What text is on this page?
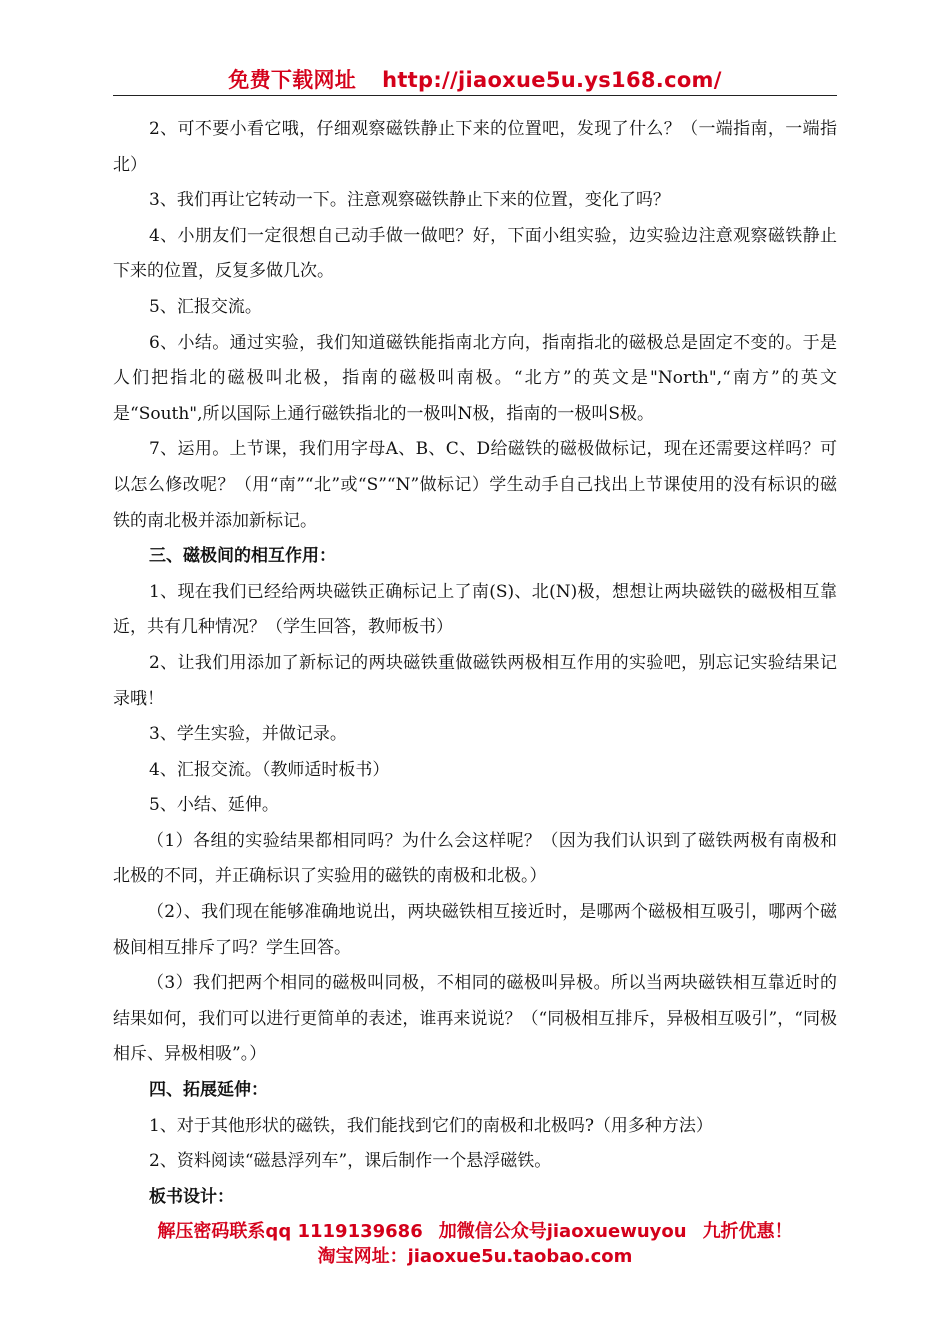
免费下载网址 http://jiaoxue5u.ys168.com/

2、可不要小看它哦，仔细观察磁铁静止下来的位置吧，发现了什么？（一端指南，一端指北）

3、我们再让它转动一下。注意观察磁铁静止下来的位置，变化了吗？

4、小朋友们一定很想自己动手做一做吧？好，下面小组实验，边实验边注意观察磁铁静止下来的位置，反复多做几次。

5、汇报交流。

6、小结。通过实验，我们知道磁铁能指南北方向，指南指北的磁极总是固定不变的。于是人们把指北的磁极叫北极，指南的磁极叫南极。“北方”的英文是"North",“南方”的英文是“South",所以国际上通行磁铁指北的一极叫N极，指南的一极叫S极。

7、运用。上节课，我们用字母A、B、C、D给磁铁的磁极做标记，现在还需要这样吗？可以怎么修改呢？（用“南”“北”或“S”“N”做标记）学生动手自己找出上节课使用的没有标识的磁铁的南北极并添加新标记。

三、磁极间的相互作用：

1、现在我们已经给两块磁铁正确标记上了南(S)、北(N)极，想想让两块磁铁的磁极相互靠近，共有几种情况？（学生回答，教师板书）

2、让我们用添加了新标记的两块磁铁重做磁铁两极相互作用的实验吧，别忘记实验结果记录哦！

3、学生实验，并做记录。

4、汇报交流。（教师适时板书）

5、小结、延伸。

（1）各组的实验结果都相同吗？为什么会这样呢？（因为我们认识到了磁铁两极有南极和北极的不同，并正确标识了实验用的磁铁的南极和北极。）

（2）、我们现在能够准确地说出，两块磁铁相互接近时，是哪两个磁极相互吸引，哪两个磁极间相互排斥了吗？学生回答。

（3）我们把两个相同的磁极叫同极，不相同的磁极叫异极。所以当两块磁铁相互靠近时的结果如何，我们可以进行更简单的表述，谁再来说说？（“同极相互排斥，异极相互吸引”，“同极相斥、异极相吸”。）

四、拓展延伸：

1、对于其他形状的磁铁，我们能找到它们的南极和北极吗?（用多种方法）

2、资料阅读“磁悬浮列车”，课后制作一个悬浮磁铁。

板书设计：

解压密码联系qq 1119139686 加微信公众号jiaoxuewuyou 九折优惠！
淘宝网址：jiaoxue5u.taobao.com
